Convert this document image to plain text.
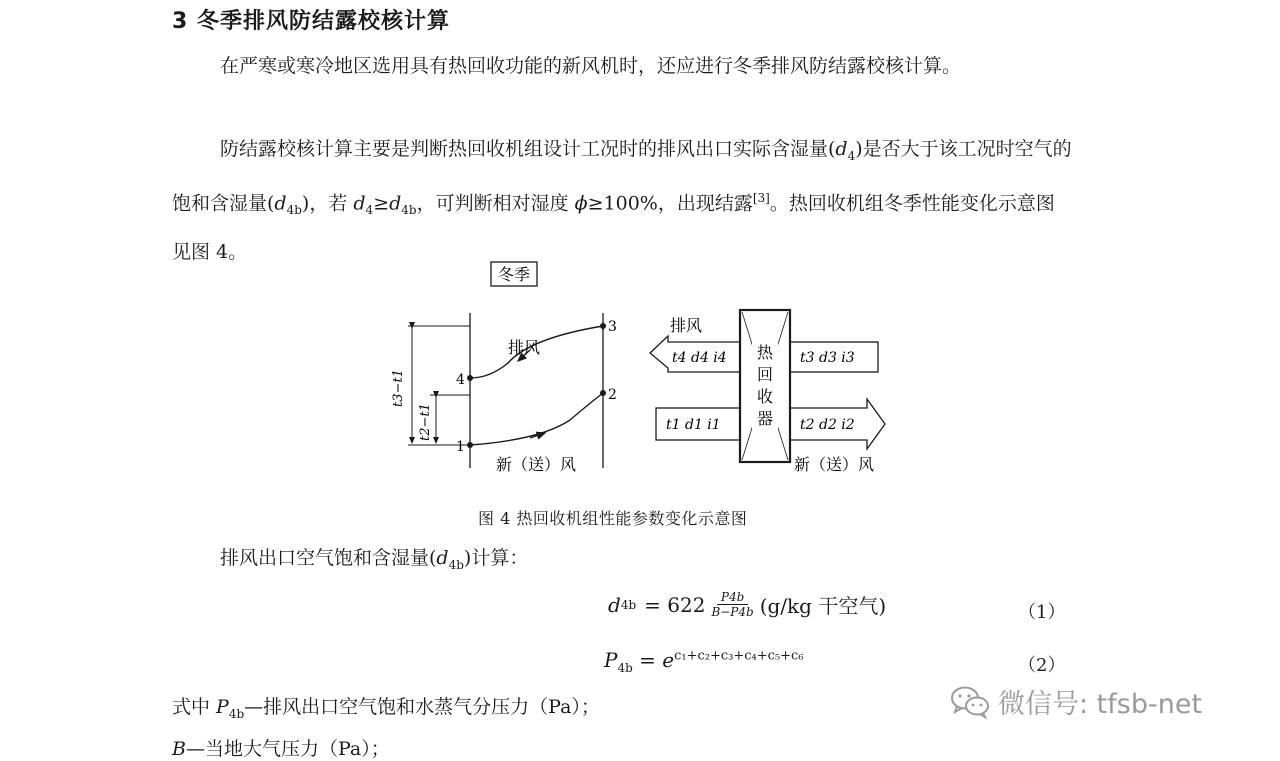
3 冬季排风防结露校核计算
在严寒或寒冷地区选用具有热回收功能的新风机时，还应进行冬季排风防结露校核计算。
防结露校核计算主要是判断热回收机组设计工况时的排风出口实际含湿量$(d_4)$是否大于该工况时空气的饱和含湿量$(d_{4b})$，若 $d_4\ge d_{4b}$，可判断相对湿度 ϕ≥100%，出现结露[3]。热回收机组冬季性能变化示意图见图 4。
冬季
t3−t1
t2−t1
1
2
3
4
排风
新（送）风
排风
t4 d4 i4	t3 d3 i3
t1 d1 i1	t2 d2 i2
热
回
收
器
新（送）风
图 4 热回收机组性能参数变化示意图
排风出口空气饱和含湿量$(d_{4b})$计算：
d $4b = 622 \frac{P4b}{B-P4b} (g/kg$ 干空气)	（1）
$P_{4b} = e^{c_1+c_2+c_3+c_4+c_5+c_6}$	（2）
式中 $P_{4b}—$排风出口空气饱和水蒸气分压力（Pa）；
B—当地大气压力（Pa）；
微信号: tfsb-net
